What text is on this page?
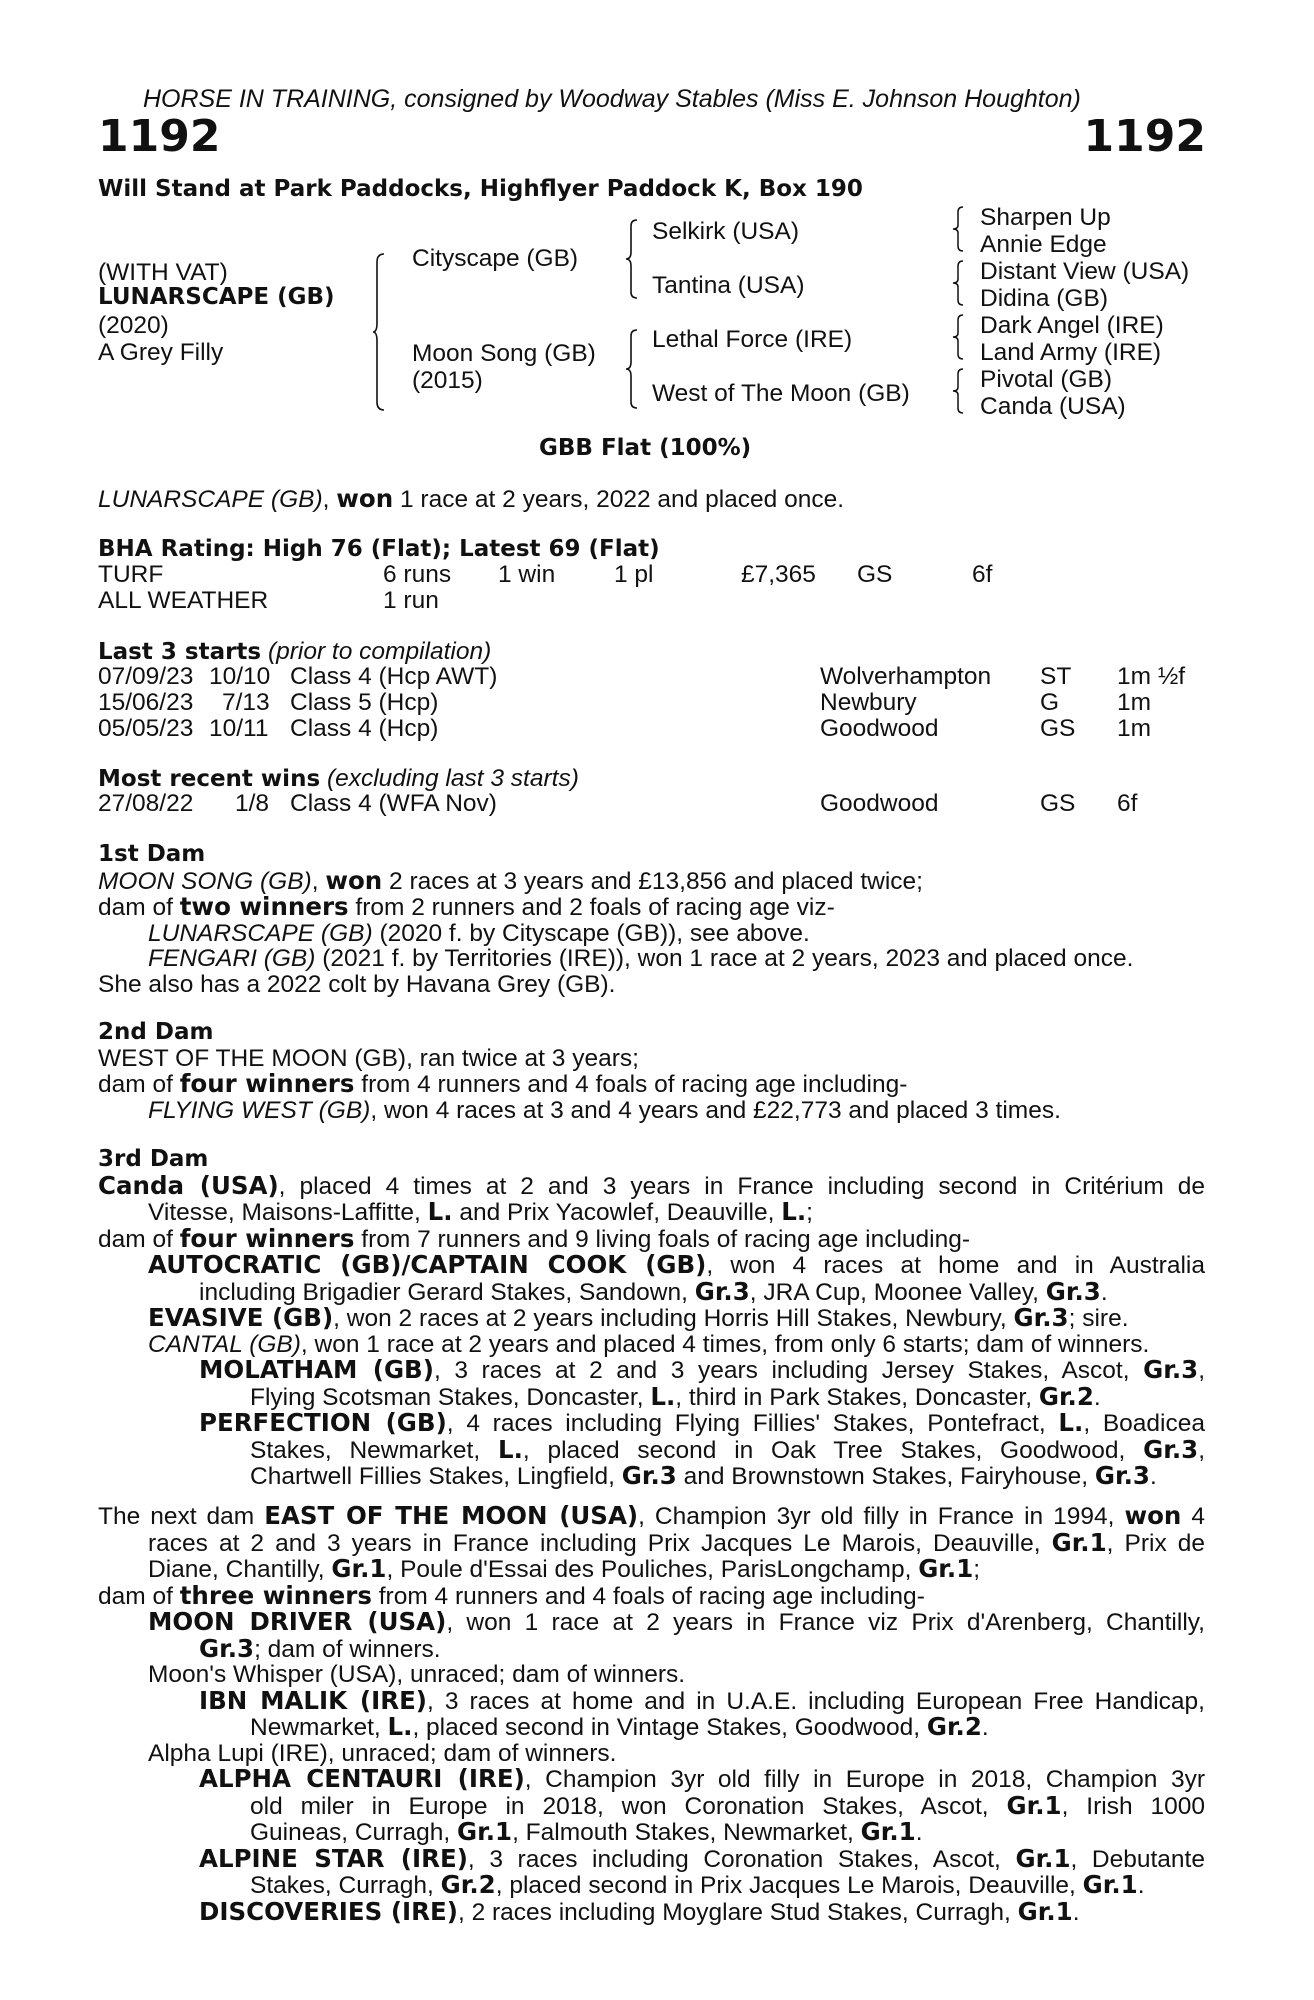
HORSE IN TRAINING, consigned by Woodway Stables (Miss E. Johnson Houghton)
1192	1192
Will Stand at Park Paddocks, Highflyer Paddock K, Box 190
(WITH VAT)
LUNARSCAPE (GB)
(2020)
A Grey Filly
Cityscape (GB)
Moon Song (GB)
(2015)
Selkirk (USA)
Tantina (USA)
Lethal Force (IRE)
West of The Moon (GB)
Sharpen Up
Annie Edge
Distant View (USA)
Didina (GB)
Dark Angel (IRE)
Land Army (IRE)
Pivotal (GB)
Canda (USA)
GBB Flat (100%)
LUNARSCAPE (GB), won 1 race at 2 years, 2022 and placed once.
BHA Rating: High 76 (Flat); Latest 69 (Flat)
TURF	6 runs 1 win 1 pl	£7,365 GS	6f
ALL WEATHER	1 run
Last 3 starts (prior to compilation)
07/09/23 10/10 Class 4 (Hcp AWT)	Wolverhampton ST 1m ½f
15/06/23 7/13 Class 5 (Hcp)	Newbury	G 1m
05/05/23 10/11 Class 4 (Hcp)	Goodwood	GS 1m
Most recent wins (excluding last 3 starts)
27/08/22 1/8 Class 4 (WFA Nov)	Goodwood	GS 6f
1st Dam
MOON SONG (GB), won 2 races at 3 years and £13,856 and placed twice;
dam of two winners from 2 runners and 2 foals of racing age viz-
LUNARSCAPE (GB) (2020 f. by Cityscape (GB)), see above.
FENGARI (GB) (2021 f. by Territories (IRE)), won 1 race at 2 years, 2023 and placed once.
She also has a 2022 colt by Havana Grey (GB).
2nd Dam
WEST OF THE MOON (GB), ran twice at 3 years;
dam of four winners from 4 runners and 4 foals of racing age including-
FLYING WEST (GB), won 4 races at 3 and 4 years and £22,773 and placed 3 times.
3rd Dam
Canda (USA), placed 4 times at 2 and 3 years in France including second in Critérium de
Vitesse, Maisons-Laffitte, L. and Prix Yacowlef, Deauville, L.;
dam of four winners from 7 runners and 9 living foals of racing age including-
AUTOCRATIC (GB)/CAPTAIN COOK (GB), won 4 races at home and in Australia
including Brigadier Gerard Stakes, Sandown, Gr.3, JRA Cup, Moonee Valley, Gr.3.
EVASIVE (GB), won 2 races at 2 years including Horris Hill Stakes, Newbury, Gr.3; sire.
CANTAL (GB), won 1 race at 2 years and placed 4 times, from only 6 starts; dam of winners.
MOLATHAM (GB), 3 races at 2 and 3 years including Jersey Stakes, Ascot, Gr.3,
Flying Scotsman Stakes, Doncaster, L., third in Park Stakes, Doncaster, Gr.2.
PERFECTION (GB), 4 races including Flying Fillies' Stakes, Pontefract, L., Boadicea
Stakes, Newmarket, L., placed second in Oak Tree Stakes, Goodwood, Gr.3,
Chartwell Fillies Stakes, Lingfield, Gr.3 and Brownstown Stakes, Fairyhouse, Gr.3.
The next dam EAST OF THE MOON (USA), Champion 3yr old filly in France in 1994, won 4
races at 2 and 3 years in France including Prix Jacques Le Marois, Deauville, Gr.1, Prix de
Diane, Chantilly, Gr.1, Poule d'Essai des Pouliches, ParisLongchamp, Gr.1;
dam of three winners from 4 runners and 4 foals of racing age including-
MOON DRIVER (USA), won 1 race at 2 years in France viz Prix d'Arenberg, Chantilly,
Gr.3; dam of winners.
Moon's Whisper (USA), unraced; dam of winners.
IBN MALIK (IRE), 3 races at home and in U.A.E. including European Free Handicap,
Newmarket, L., placed second in Vintage Stakes, Goodwood, Gr.2.
Alpha Lupi (IRE), unraced; dam of winners.
ALPHA CENTAURI (IRE), Champion 3yr old filly in Europe in 2018, Champion 3yr
old miler in Europe in 2018, won Coronation Stakes, Ascot, Gr.1, Irish 1000
Guineas, Curragh, Gr.1, Falmouth Stakes, Newmarket, Gr.1.
ALPINE STAR (IRE), 3 races including Coronation Stakes, Ascot, Gr.1, Debutante
Stakes, Curragh, Gr.2, placed second in Prix Jacques Le Marois, Deauville, Gr.1.
DISCOVERIES (IRE), 2 races including Moyglare Stud Stakes, Curragh, Gr.1.
